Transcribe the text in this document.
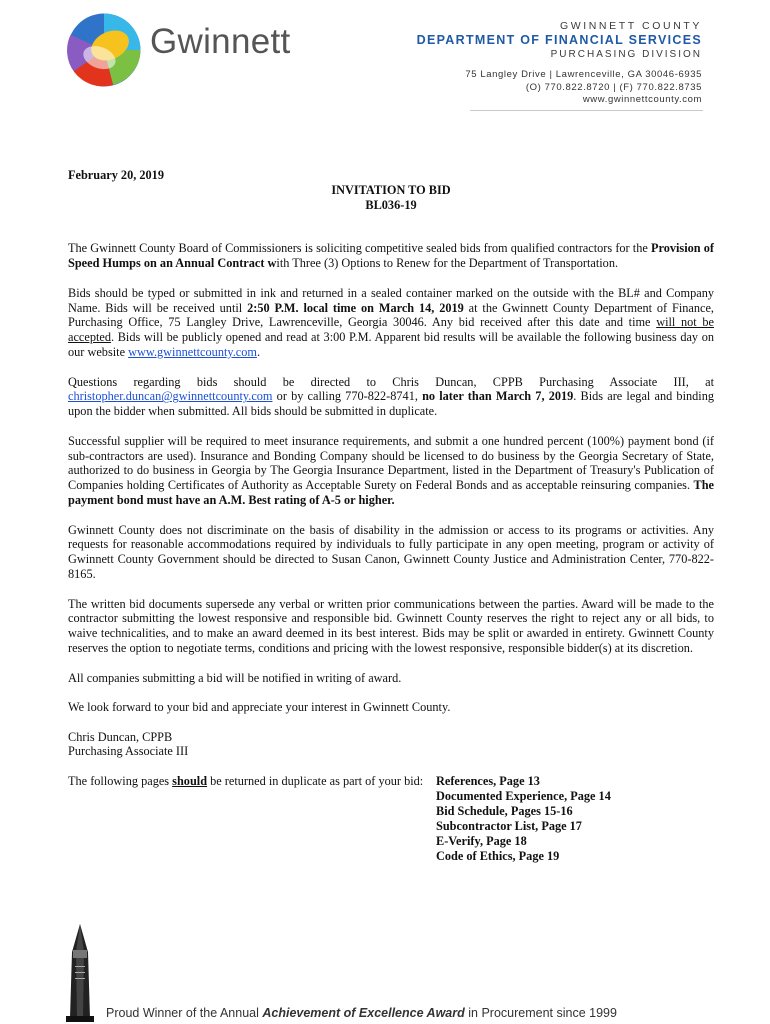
Gwinnett	GWINNETT COUNTY
DEPARTMENT OF FINANCIAL SERVICES
PURCHASING DIVISION
75 Langley Drive | Lawrenceville, GA 30046-6935
(O) 770.822.8720 | (F) 770.822.8735
www.gwinnettcounty.com
February 20, 2019
INVITATION TO BID
BL036-19

The Gwinnett County Board of Commissioners is soliciting competitive sealed bids from qualified contractors for the Provision of Speed Humps on an Annual Contract with Three (3) Options to Renew for the Department of Transportation.

Bids should be typed or submitted in ink and returned in a sealed container marked on the outside with the BL# and Company Name. Bids will be received until 2:50 P.M. local time on March 14, 2019 at the Gwinnett County Department of Finance, Purchasing Office, 75 Langley Drive, Lawrenceville, Georgia 30046. Any bid received after this date and time will not be accepted. Bids will be publicly opened and read at 3:00 P.M. Apparent bid results will be available the following business day on our website www.gwinnettcounty.com.

Questions regarding bids should be directed to Chris Duncan, CPPB Purchasing Associate III, at christopher.duncan@gwinnettcounty.com or by calling 770-822-8741, no later than March 7, 2019. Bids are legal and binding upon the bidder when submitted. All bids should be submitted in duplicate.

Successful supplier will be required to meet insurance requirements, and submit a one hundred percent (100%) payment bond (if sub-contractors are used). Insurance and Bonding Company should be licensed to do business by the Georgia Secretary of State, authorized to do business in Georgia by The Georgia Insurance Department, listed in the Department of Treasury's Publication of Companies holding Certificates of Authority as Acceptable Surety on Federal Bonds and as acceptable reinsuring companies. The payment bond must have an A.M. Best rating of A-5 or higher.

Gwinnett County does not discriminate on the basis of disability in the admission or access to its programs or activities. Any requests for reasonable accommodations required by individuals to fully participate in any open meeting, program or activity of Gwinnett County Government should be directed to Susan Canon, Gwinnett County Justice and Administration Center, 770-822-8165.

The written bid documents supersede any verbal or written prior communications between the parties. Award will be made to the contractor submitting the lowest responsive and responsible bid. Gwinnett County reserves the right to reject any or all bids, to waive technicalities, and to make an award deemed in its best interest. Bids may be split or awarded in entirety. Gwinnett County reserves the option to negotiate terms, conditions and pricing with the lowest responsive, responsible bidder(s) at its discretion.

All companies submitting a bid will be notified in writing of award.

We look forward to your bid and appreciate your interest in Gwinnett County.

Chris Duncan, CPPB
Purchasing Associate III
The following pages should be returned in duplicate as part of your bid: References, Page 13
Documented Experience, Page 14
Bid Schedule, Pages 15-16
Subcontractor List, Page 17
E-Verify, Page 18
Code of Ethics, Page 19
Proud Winner of the Annual Achievement of Excellence Award in Procurement since 1999
